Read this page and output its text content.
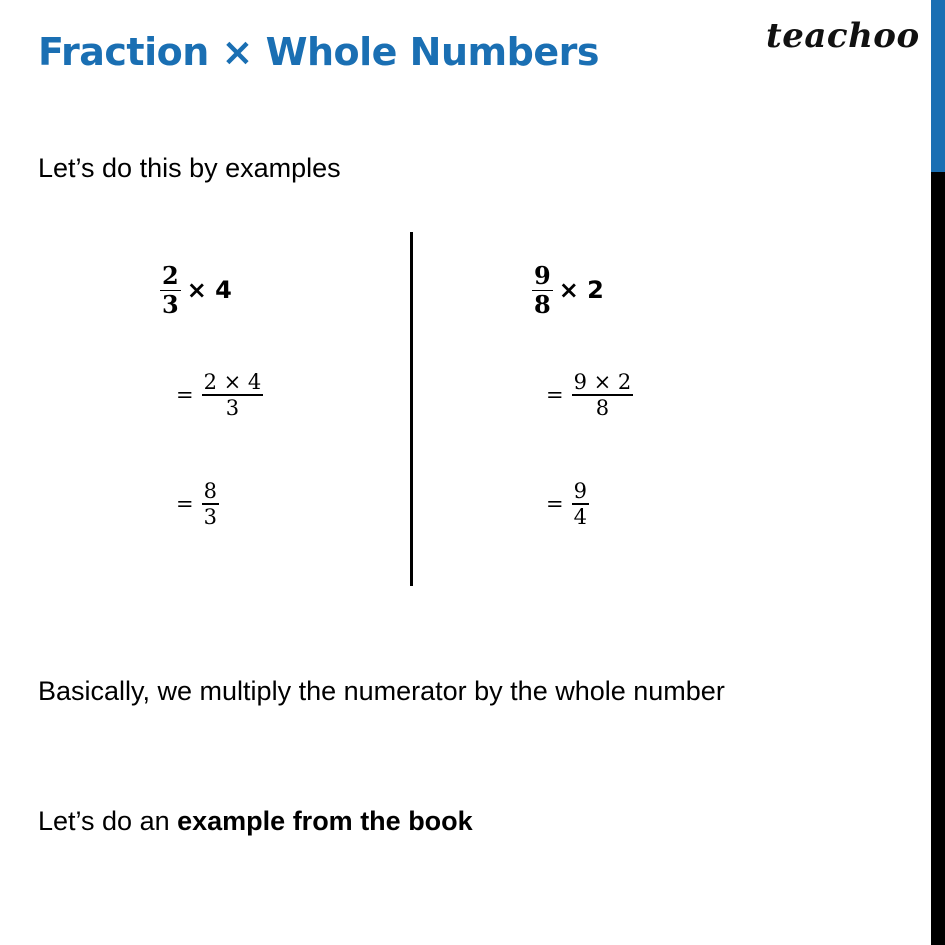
Fraction × Whole Numbers	teachoo
Let’s do this by examples
$\frac{2}{3} \times 4$
= $\frac{2 \times 4}{3}$
= $\frac{8}{3}$
$\frac{9}{8} \times 2$
= $\frac{9 \times 2}{8}$
= $\frac{9}{4}$
Basically, we multiply the numerator by the whole number
Let’s do an example from the book
